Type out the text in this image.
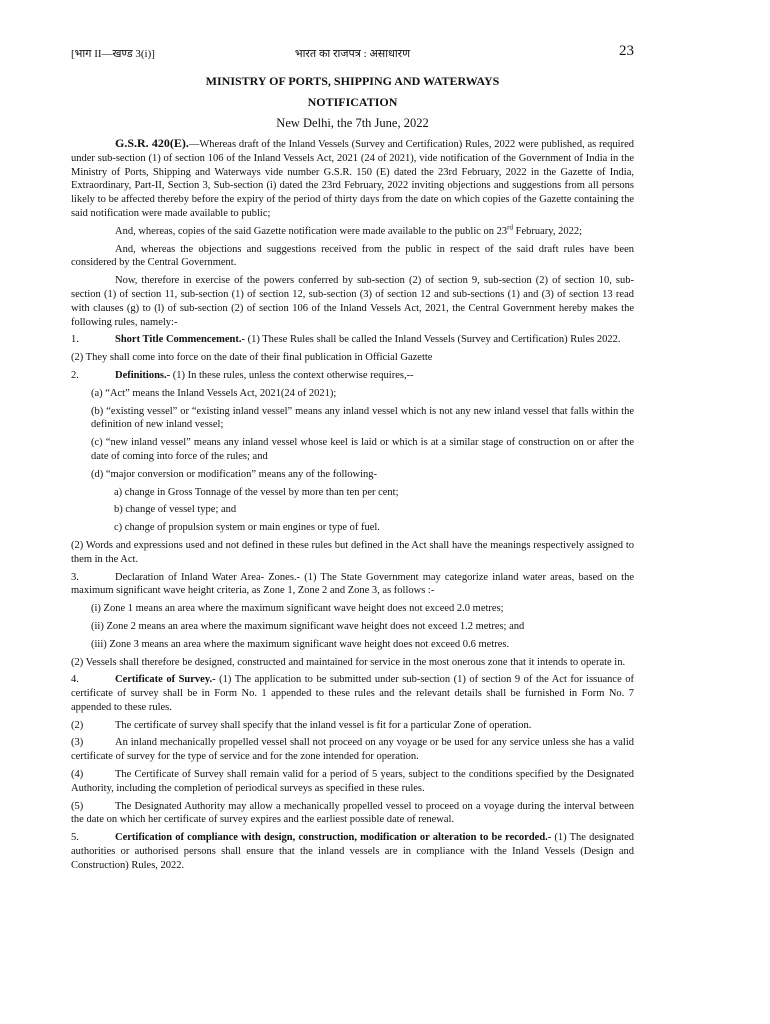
[भाग II—खण्ड 3(i)]	भारत का राजपत्र : असाधारण	23
MINISTRY OF PORTS, SHIPPING AND WATERWAYS
NOTIFICATION
New Delhi, the 7th June, 2022

G.S.R. 420(E).—Whereas draft of the Inland Vessels (Survey and Certification) Rules, 2022 were published, as required under sub-section (1) of section 106 of the Inland Vessels Act, 2021 (24 of 2021), vide notification of the Government of India in the Ministry of Ports, Shipping and Waterways vide number G.S.R. 150 (E) dated the 23rd February, 2022 in the Gazette of India, Extraordinary, Part-II, Section 3, Sub-section (i) dated the 23rd February, 2022 inviting objections and suggestions from all persons likely to be affected thereby before the expiry of the period of thirty days from the date on which copies of the Gazette containing the said notification were made available to public;

And, whereas, copies of the said Gazette notification were made available to the public on 23rd February, 2022;

And, whereas the objections and suggestions received from the public in respect of the said draft rules have been considered by the Central Government.

Now, therefore in exercise of the powers conferred by sub-section (2) of section 9, sub-section (2) of section 10, sub-section (1) of section 11, sub-section (1) of section 12, sub-section (3) of section 12 and sub-sections (1) and (3) of section 13 read with clauses (g) to (l) of sub-section (2) of section 106 of the Inland Vessels Act, 2021, the Central Government hereby makes the following rules, namely:-

1.	Short Title Commencement.- (1) These Rules shall be called the Inland Vessels (Survey and Certification) Rules 2022.

(2) They shall come into force on the date of their final publication in Official Gazette

2.	Definitions.- (1) In these rules, unless the context otherwise requires,--

(a) “Act” means the Inland Vessels Act, 2021(24 of 2021);

(b) “existing vessel” or “existing inland vessel” means any inland vessel which is not any new inland vessel that falls within the definition of new inland vessel;

(c) “new inland vessel” means any inland vessel whose keel is laid or which is at a similar stage of construction on or after the date of coming into force of the rules; and

(d) “major conversion or modification” means any of the following-

a) change in Gross Tonnage of the vessel by more than ten per cent;

b) change of vessel type; and

c) change of propulsion system or main engines or type of fuel.

(2) Words and expressions used and not defined in these rules but defined in the Act shall have the meanings respectively assigned to them in the Act.

3.	Declaration of Inland Water Area- Zones.- (1) The State Government may categorize inland water areas, based on the maximum significant wave height criteria, as Zone 1, Zone 2 and Zone 3, as follows :-

(i) Zone 1 means an area where the maximum significant wave height does not exceed 2.0 metres;

(ii) Zone 2 means an area where the maximum significant wave height does not exceed 1.2 metres; and

(iii) Zone 3 means an area where the maximum significant wave height does not exceed 0.6 metres.

(2) Vessels shall therefore be designed, constructed and maintained for service in the most onerous zone that it intends to operate in.

4.	Certificate of Survey.- (1) The application to be submitted under sub-section (1) of section 9 of the Act for issuance of certificate of survey shall be in Form No. 1 appended to these rules and the relevant details shall be furnished in Form No. 7 appended to these rules.

(2)	The certificate of survey shall specify that the inland vessel is fit for a particular Zone of operation.

(3)	An inland mechanically propelled vessel shall not proceed on any voyage or be used for any service unless she has a valid certificate of survey for the type of service and for the zone intended for operation.

(4)	The Certificate of Survey shall remain valid for a period of 5 years, subject to the conditions specified by the Designated Authority, including the completion of periodical surveys as specified in these rules.

(5)	The Designated Authority may allow a mechanically propelled vessel to proceed on a voyage during the interval between the date on which her certificate of survey expires and the earliest possible date of renewal.

5.	Certification of compliance with design, construction, modification or alteration to be recorded.- (1) The designated authorities or authorised persons shall ensure that the inland vessels are in compliance with the Inland Vessels (Design and Construction) Rules, 2022.
